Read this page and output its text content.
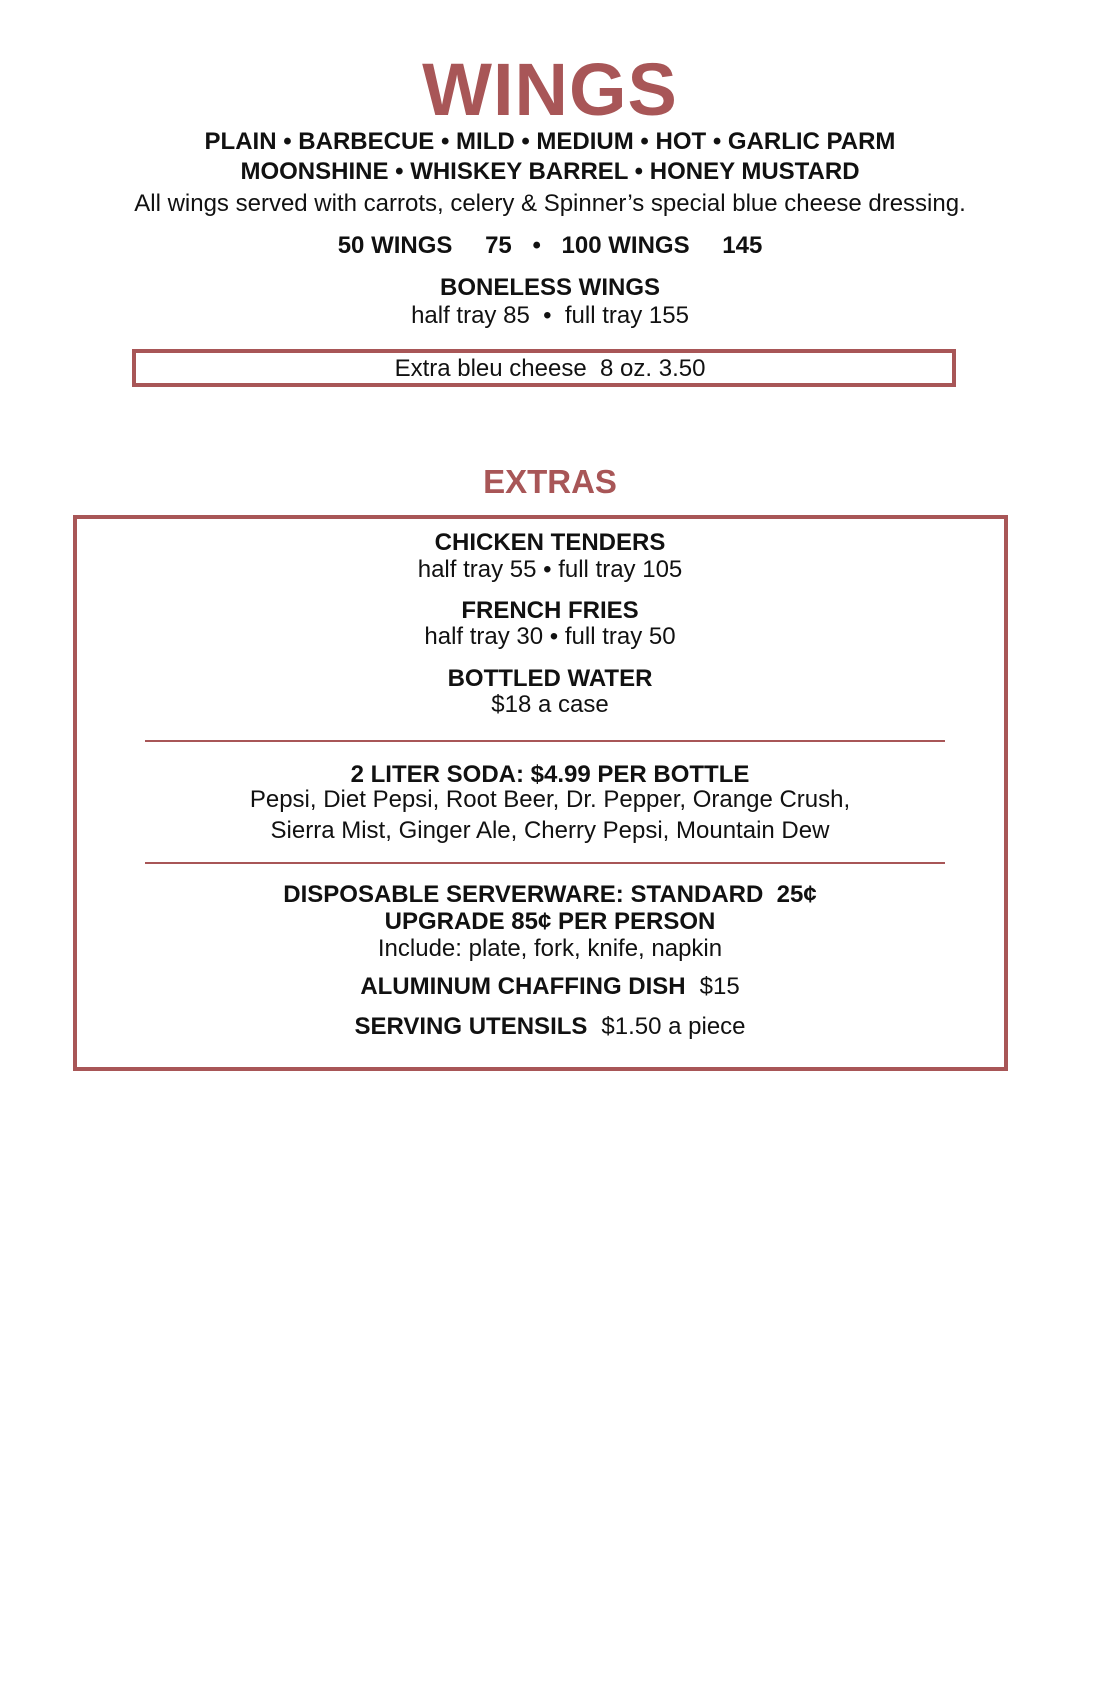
WINGS
PLAIN • BARBECUE • MILD • MEDIUM • HOT • GARLIC PARM
MOONSHINE • WHISKEY BARREL • HONEY MUSTARD
All wings served with carrots, celery & Spinner’s special blue cheese dressing.
50 WINGS 75 • 100 WINGS 145
BONELESS WINGS
half tray 85  •  full tray 155
Extra bleu cheese  8 oz. 3.50
EXTRAS
CHICKEN TENDERS
half tray 55 • full tray 105
FRENCH FRIES
half tray 30 • full tray 50
BOTTLED WATER
$18 a case
2 LITER SODA: $4.99 PER BOTTLE
Pepsi, Diet Pepsi, Root Beer, Dr. Pepper, Orange Crush,
Sierra Mist, Ginger Ale, Cherry Pepsi, Mountain Dew
DISPOSABLE SERVERWARE: STANDARD  25¢
UPGRADE 85¢ PER PERSON
Include: plate, fork, knife, napkin
ALUMINUM CHAFFING DISH $15
SERVING UTENSILS $1.50 a piece
